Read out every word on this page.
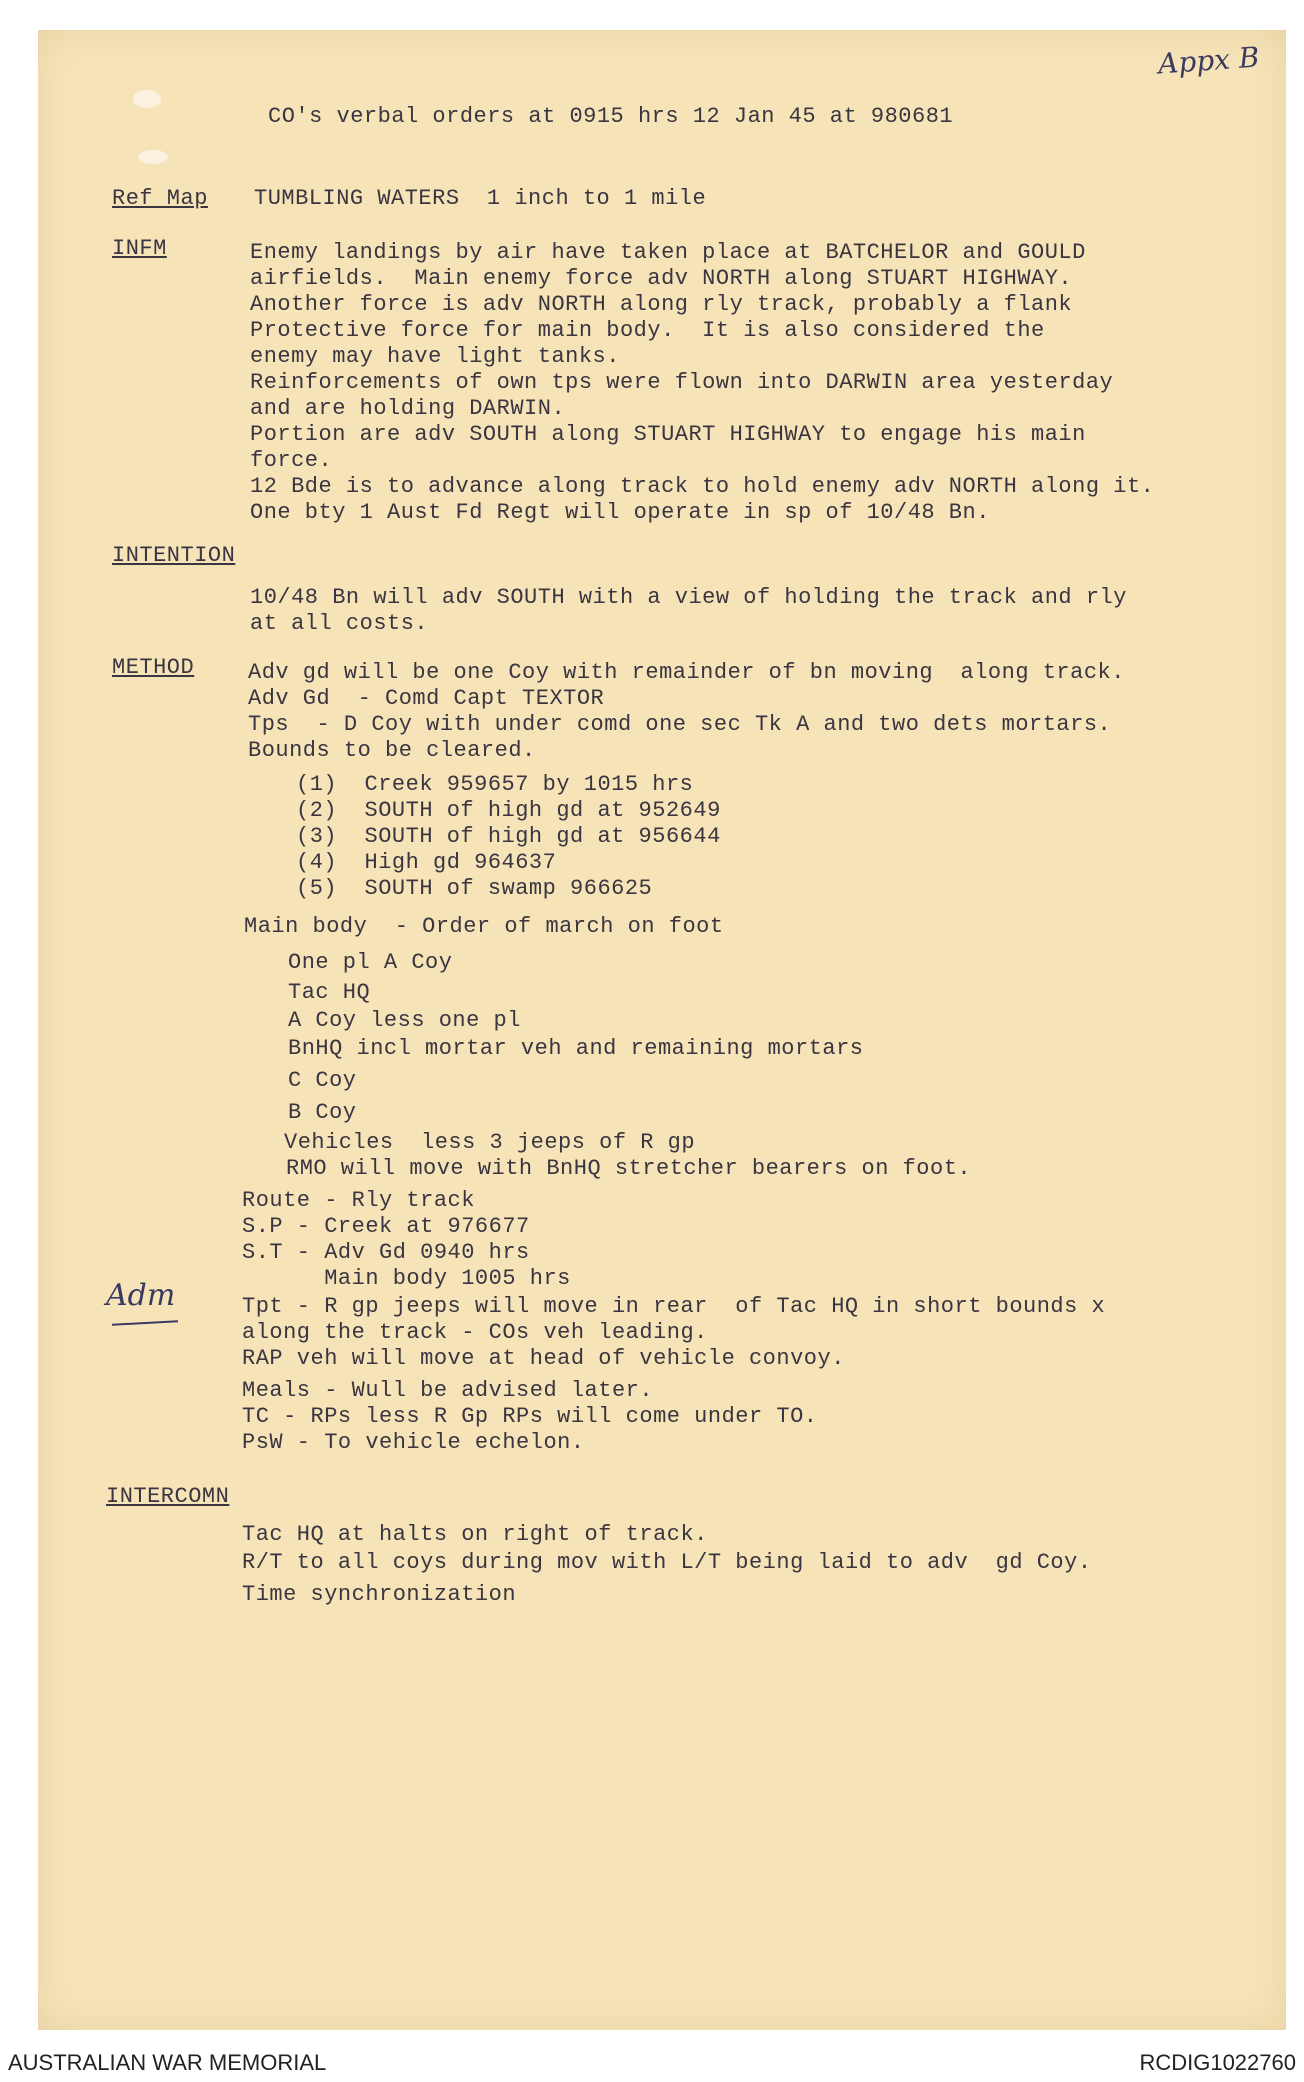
Appx B
Adm
CO's verbal orders at 0915 hrs 12 Jan 45 at 980681
Ref Map TUMBLING WATERS  1 inch to 1 mile
INFM	Enemy landings by air have taken place at BATCHELOR and GOULD
airfields.  Main enemy force adv NORTH along STUART HIGHWAY.
Another force is adv NORTH along rly track, probably a flank
Protective force for main body.  It is also considered the
enemy may have light tanks.
Reinforcements of own tps were flown into DARWIN area yesterday
and are holding DARWIN.
Portion are adv SOUTH along STUART HIGHWAY to engage his main
force.
12 Bde is to advance along track to hold enemy adv NORTH along it.
One bty 1 Aust Fd Regt will operate in sp of 10/48 Bn.
INTENTION
10/48 Bn will adv SOUTH with a view of holding the track and rly
at all costs.
METHOD Adv gd will be one Coy with remainder of bn moving  along track.
Adv Gd  - Comd Capt TEXTOR
Tps  - D Coy with under comd one sec Tk A and two dets mortars.
Bounds to be cleared.
(1)  Creek 959657 by 1015 hrs
(2)  SOUTH of high gd at 952649
(3)  SOUTH of high gd at 956644
(4)  High gd 964637
(5)  SOUTH of swamp 966625
Main body  - Order of march on foot
One pl A Coy
Tac HQ
A Coy less one pl
BnHQ incl mortar veh and remaining mortars
C Coy
B Coy
Vehicles  less 3 jeeps of R gp
RMO will move with BnHQ stretcher bearers on foot.
Route - Rly track
S.P - Creek at 976677
S.T - Adv Gd 0940 hrs
Main body 1005 hrs
Tpt - R gp jeeps will move in rear  of Tac HQ in short bounds x
along the track - COs veh leading.
RAP veh will move at head of vehicle convoy.
Meals - Wull be advised later.
TC - RPs less R Gp RPs will come under TO.
PsW - To vehicle echelon.
INTERCOMN
Tac HQ at halts on right of track.
R/T to all coys during mov with L/T being laid to adv  gd Coy.
Time synchronization
AUSTRALIAN WAR MEMORIAL	RCDIG1022760
